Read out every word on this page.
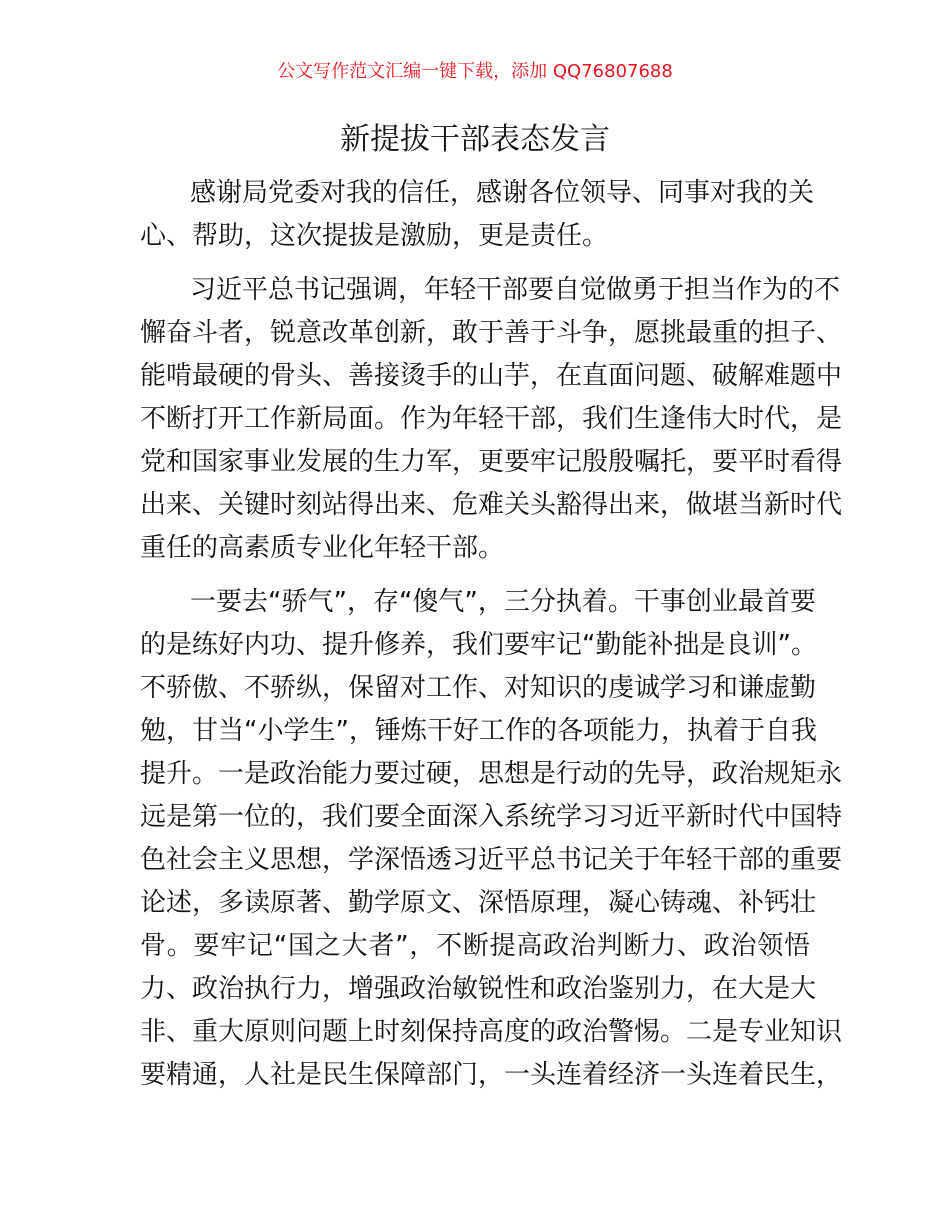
公文写作范文汇编一键下载，添加 QQ76807688
新提拔干部表态发言
感谢局党委对我的信任，感谢各位领导、同事对我的关
心、帮助，这次提拔是激励，更是责任。
习近平总书记强调，年轻干部要自觉做勇于担当作为的不
懈奋斗者，锐意改革创新，敢于善于斗争，愿挑最重的担子、
能啃最硬的骨头、善接烫手的山芋，在直面问题、破解难题中
不断打开工作新局面。作为年轻干部，我们生逢伟大时代，是
党和国家事业发展的生力军，更要牢记殷殷嘱托，要平时看得
出来、关键时刻站得出来、危难关头豁得出来，做堪当新时代
重任的高素质专业化年轻干部。
一要去“骄气”，存“傻气”，三分执着。干事创业最首要
的是练好内功、提升修养，我们要牢记“勤能补拙是良训”。
不骄傲、不骄纵，保留对工作、对知识的虔诚学习和谦虚勤
勉，甘当“小学生”，锤炼干好工作的各项能力，执着于自我
提升。一是政治能力要过硬，思想是行动的先导，政治规矩永
远是第一位的，我们要全面深入系统学习习近平新时代中国特
色社会主义思想，学深悟透习近平总书记关于年轻干部的重要
论述，多读原著、勤学原文、深悟原理，凝心铸魂、补钙壮
骨。要牢记“国之大者”，不断提高政治判断力、政治领悟
力、政治执行力，增强政治敏锐性和政治鉴别力，在大是大
非、重大原则问题上时刻保持高度的政治警惕。二是专业知识
要精通，人社是民生保障部门，一头连着经济一头连着民生，
